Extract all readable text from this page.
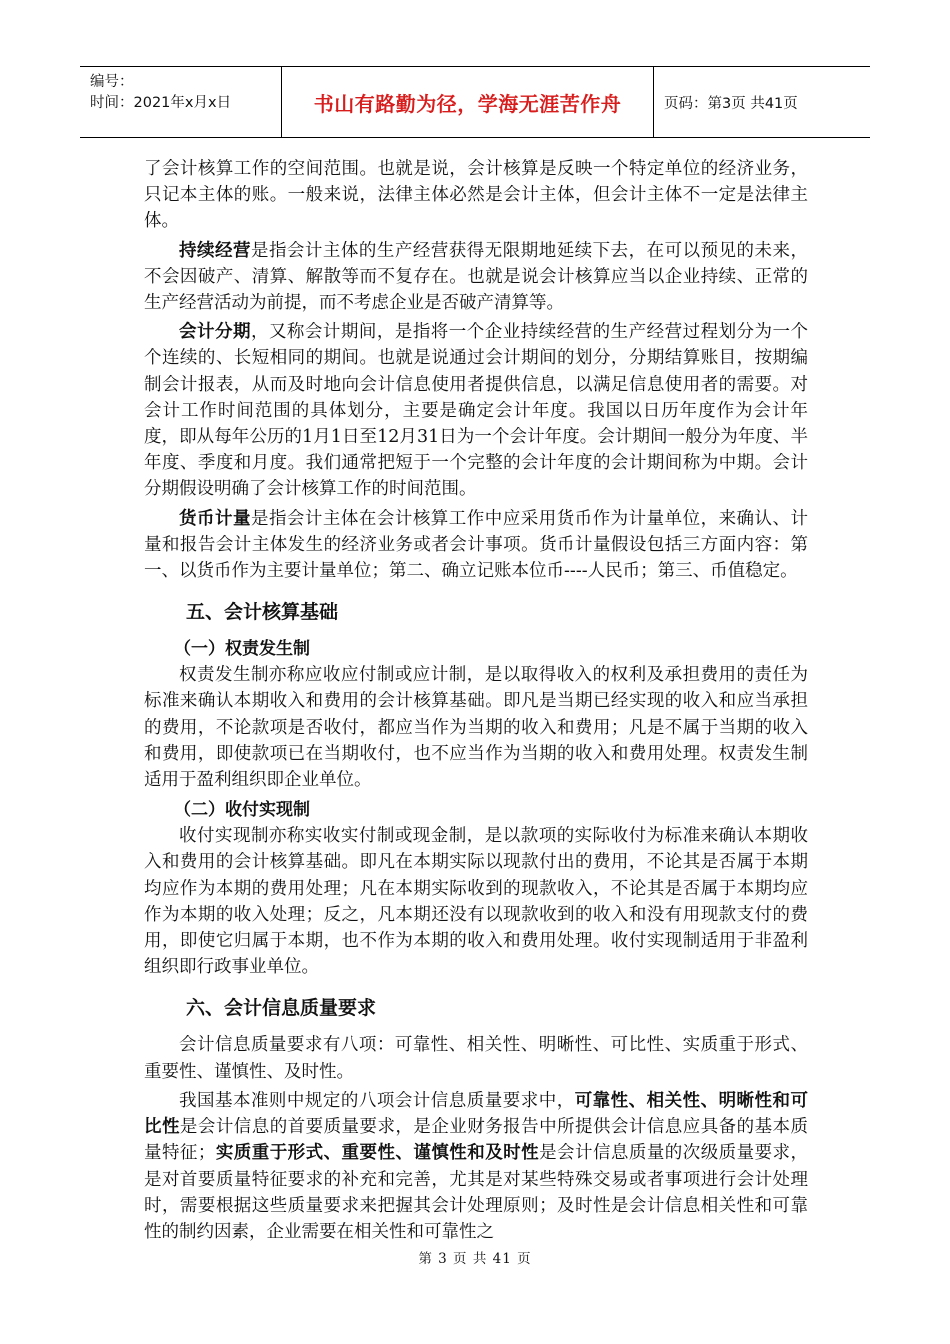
编号：
时间：2021年x月x日	书山有路勤为径，学海无涯苦作舟	页码：第3页 共41页

了会计核算工作的空间范围。也就是说，会计核算是反映一个特定单位的经济业务，只记本主体的账。一般来说，法律主体必然是会计主体，但会计主体不一定是法律主体。

持续经营是指会计主体的生产经营获得无限期地延续下去，在可以预见的未来，不会因破产、清算、解散等而不复存在。也就是说会计核算应当以企业持续、正常的生产经营活动为前提，而不考虑企业是否破产清算等。

会计分期，又称会计期间，是指将一个企业持续经营的生产经营过程划分为一个个连续的、长短相同的期间。也就是说通过会计期间的划分，分期结算账目，按期编制会计报表，从而及时地向会计信息使用者提供信息，以满足信息使用者的需要。对会计工作时间范围的具体划分，主要是确定会计年度。我国以日历年度作为会计年度，即从每年公历的1月1日至12月31日为一个会计年度。会计期间一般分为年度、半年度、季度和月度。我们通常把短于一个完整的会计年度的会计期间称为中期。会计分期假设明确了会计核算工作的时间范围。

货币计量是指会计主体在会计核算工作中应采用货币作为计量单位，来确认、计量和报告会计主体发生的经济业务或者会计事项。货币计量假设包括三方面内容：第一、以货币作为主要计量单位；第二、确立记账本位币----人民币；第三、币值稳定。

五、会计核算基础

（一）权责发生制

权责发生制亦称应收应付制或应计制，是以取得收入的权利及承担费用的责任为标准来确认本期收入和费用的会计核算基础。即凡是当期已经实现的收入和应当承担的费用，不论款项是否收付，都应当作为当期的收入和费用；凡是不属于当期的收入和费用，即使款项已在当期收付，也不应当作为当期的收入和费用处理。权责发生制适用于盈利组织即企业单位。

（二）收付实现制

收付实现制亦称实收实付制或现金制，是以款项的实际收付为标准来确认本期收入和费用的会计核算基础。即凡在本期实际以现款付出的费用，不论其是否属于本期均应作为本期的费用处理；凡在本期实际收到的现款收入，不论其是否属于本期均应作为本期的收入处理；反之，凡本期还没有以现款收到的收入和没有用现款支付的费用，即使它归属于本期，也不作为本期的收入和费用处理。收付实现制适用于非盈利组织即行政事业单位。

六、会计信息质量要求

会计信息质量要求有八项：可靠性、相关性、明晰性、可比性、实质重于形式、重要性、谨慎性、及时性。

我国基本准则中规定的八项会计信息质量要求中，可靠性、相关性、明晰性和可比性是会计信息的首要质量要求，是企业财务报告中所提供会计信息应具备的基本质量特征；实质重于形式、重要性、谨慎性和及时性是会计信息质量的次级质量要求，是对首要质量特征要求的补充和完善，尤其是对某些特殊交易或者事项进行会计处理时，需要根据这些质量要求来把握其会计处理原则；及时性是会计信息相关性和可靠性的制约因素，企业需要在相关性和可靠性之

第 3 页 共 41 页
